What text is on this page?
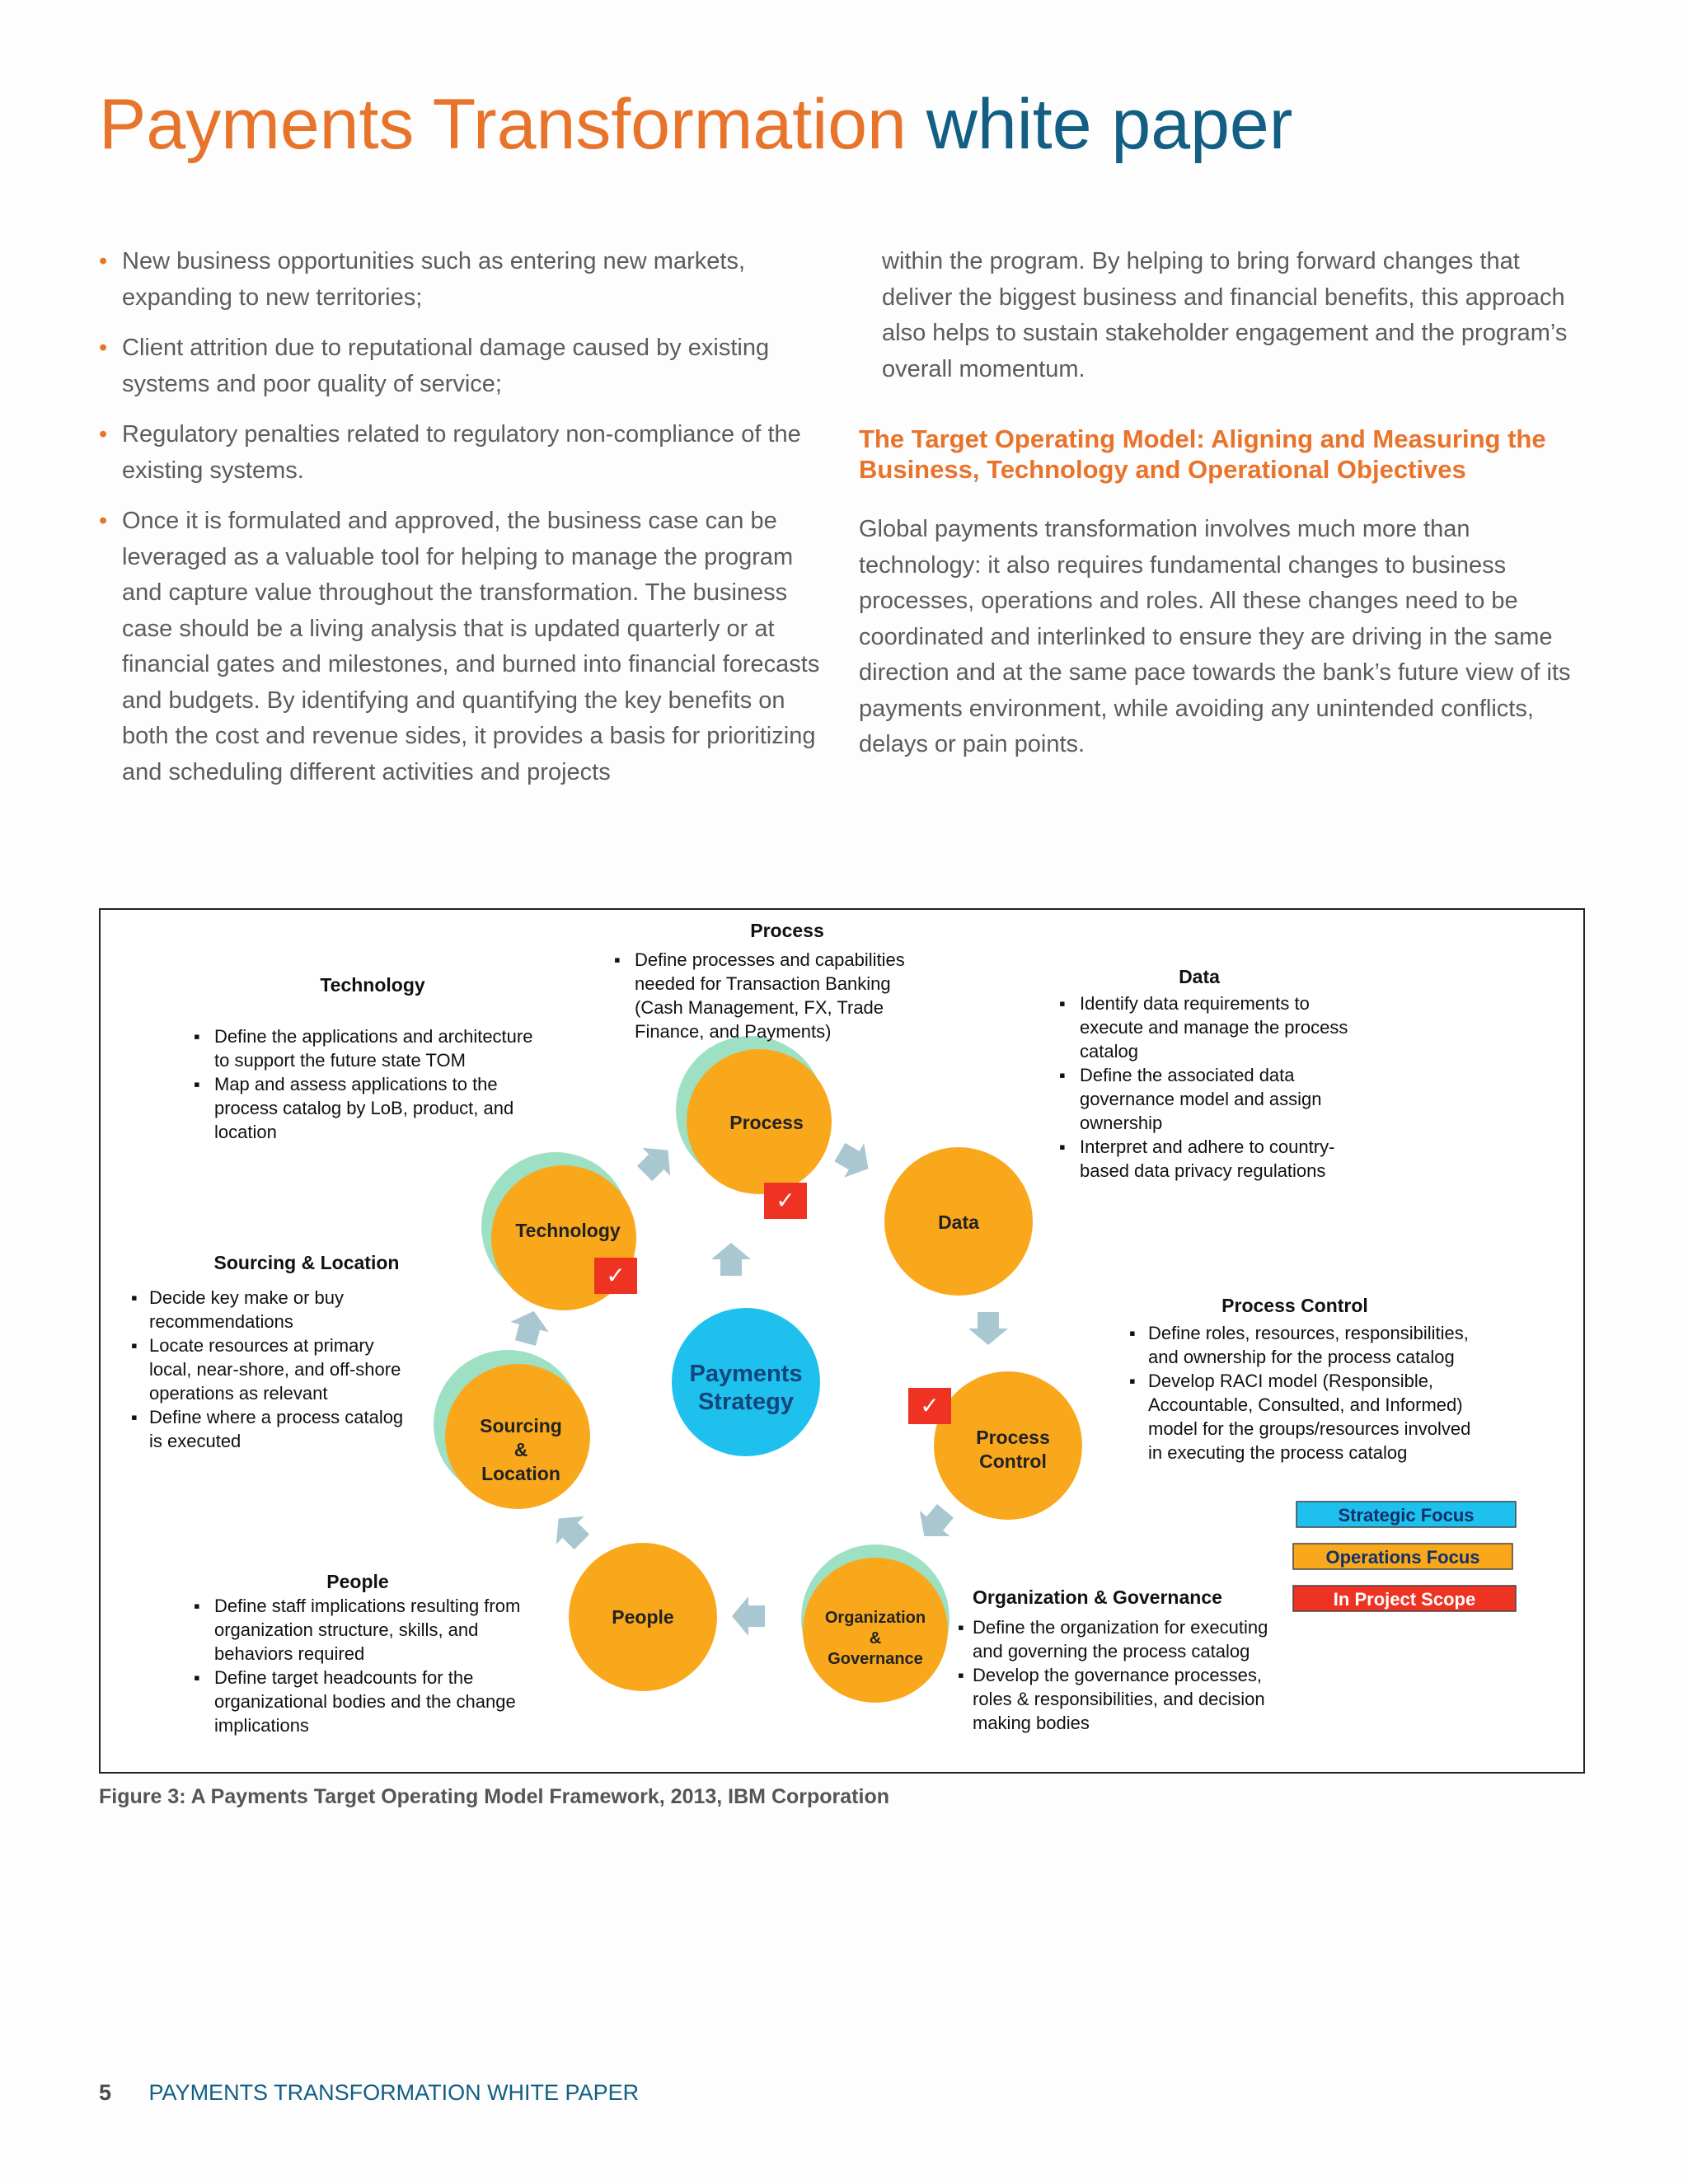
Payments Transformation white paper
• New business opportunities such as entering new markets, expanding to new territories;
• Client attrition due to reputational damage caused by existing systems and poor quality of service;
• Regulatory penalties related to regulatory non-compliance of the existing systems.
• Once it is formulated and approved, the business case can be leveraged as a valuable tool for helping to manage the program and capture value throughout the transformation. The business case should be a living analysis that is updated quarterly or at financial gates and milestones, and burned into financial forecasts and budgets. By identifying and quantifying the key benefits on both the cost and revenue sides, it provides a basis for prioritizing and scheduling different activities and projects

within the program. By helping to bring forward changes that deliver the biggest business and financial benefits, this approach also helps to sustain stakeholder engagement and the program’s overall momentum.

The Target Operating Model: Aligning and Measuring the Business, Technology and Operational Objectives

Global payments transformation involves much more than technology: it also requires fundamental changes to business processes, operations and roles. All these changes need to be coordinated and interlinked to ensure they are driving in the same direction and at the same pace towards the bank’s future view of its payments environment, while avoiding any unintended conflicts, delays or pain points.

Payments
Strategy
Process
✓
Data
Process
Control
✓
Organization
&
Governance
People
Sourcing
&
Location
Technology
✓
Process
▪ Define processes and capabilities
needed for Transaction Banking
(Cash Management, FX, Trade
Finance, and Payments)
Technology
▪ Define the applications and architecture
to support the future state TOM
▪ Map and assess applications to the
process catalog by LoB, product, and
location
Data
▪ Identify data requirements to
execute and manage the process
catalog
▪ Define the associated data
governance model and assign
ownership
▪ Interpret and adhere to country-
based data privacy regulations
Sourcing & Location
▪ Decide key make or buy
recommendations
▪ Locate resources at primary
local, near-shore, and off-shore
operations as relevant
▪ Define where a process catalog
is executed
Process Control
▪ Define roles, resources, responsibilities,
and ownership for the process catalog
▪ Develop RACI model (Responsible,
Accountable, Consulted, and Informed)
model for the groups/resources involved
in executing the process catalog
People
▪ Define staff implications resulting from
organization structure, skills, and
behaviors required
▪ Define target headcounts for the
organizational bodies and the change
implications
Organization & Governance
▪ Define the organization for executing
and governing the process catalog
▪ Develop the governance processes,
roles & responsibilities, and decision
making bodies
Strategic Focus
Operations Focus
In Project Scope
Figure 3: A Payments Target Operating Model Framework, 2013, IBM Corporation
5 PAYMENTS TRANSFORMATION WHITE PAPER
